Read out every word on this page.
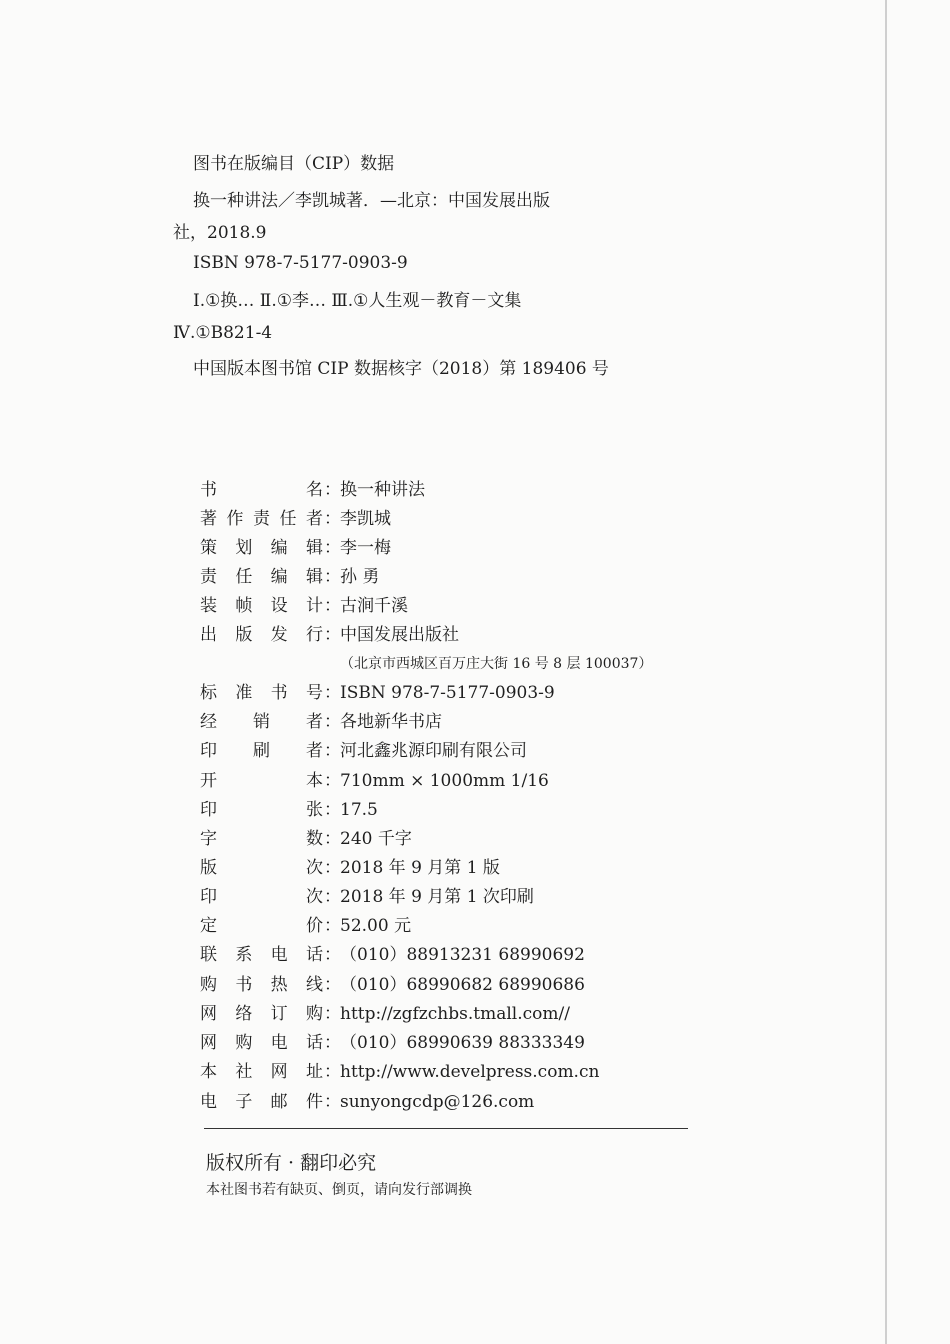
图书在版编目（CIP）数据
换一种讲法／李凯城著．—北京：中国发展出版
社，2018.9
ISBN 978-7-5177-0903-9
Ⅰ.①换… Ⅱ.①李… Ⅲ.①人生观－教育－文集
Ⅳ.①B821-4
中国版本图书馆 CIP 数据核字（2018）第 189406 号
书名 ： 换一种讲法
著作责任者 ： 李凯城
策划编辑 ： 李一梅
责任编辑 ： 孙 勇
装帧设计 ： 古涧千溪
出版发行 ： 中国发展出版社
（北京市西城区百万庄大街 16 号 8 层 100037）
标准书号 ： ISBN 978-7-5177-0903-9
经销者 ： 各地新华书店
印刷者 ： 河北鑫兆源印刷有限公司
开本 ： 710mm × 1000mm 1/16
印张 ： 17.5
字数 ： 240 千字
版次 ： 2018 年 9 月第 1 版
印次 ： 2018 年 9 月第 1 次印刷
定价 ： 52.00 元
联系电话 ： （010）88913231 68990692
购书热线 ： （010）68990682 68990686
网络订购 ： http://zgfzchbs.tmall.com//
网购电话 ： （010）68990639 88333349
本社网址 ： http://www.develpress.com.cn
电子邮件 ： sunyongcdp@126.com
版权所有 · 翻印必究
本社图书若有缺页、倒页，请向发行部调换
